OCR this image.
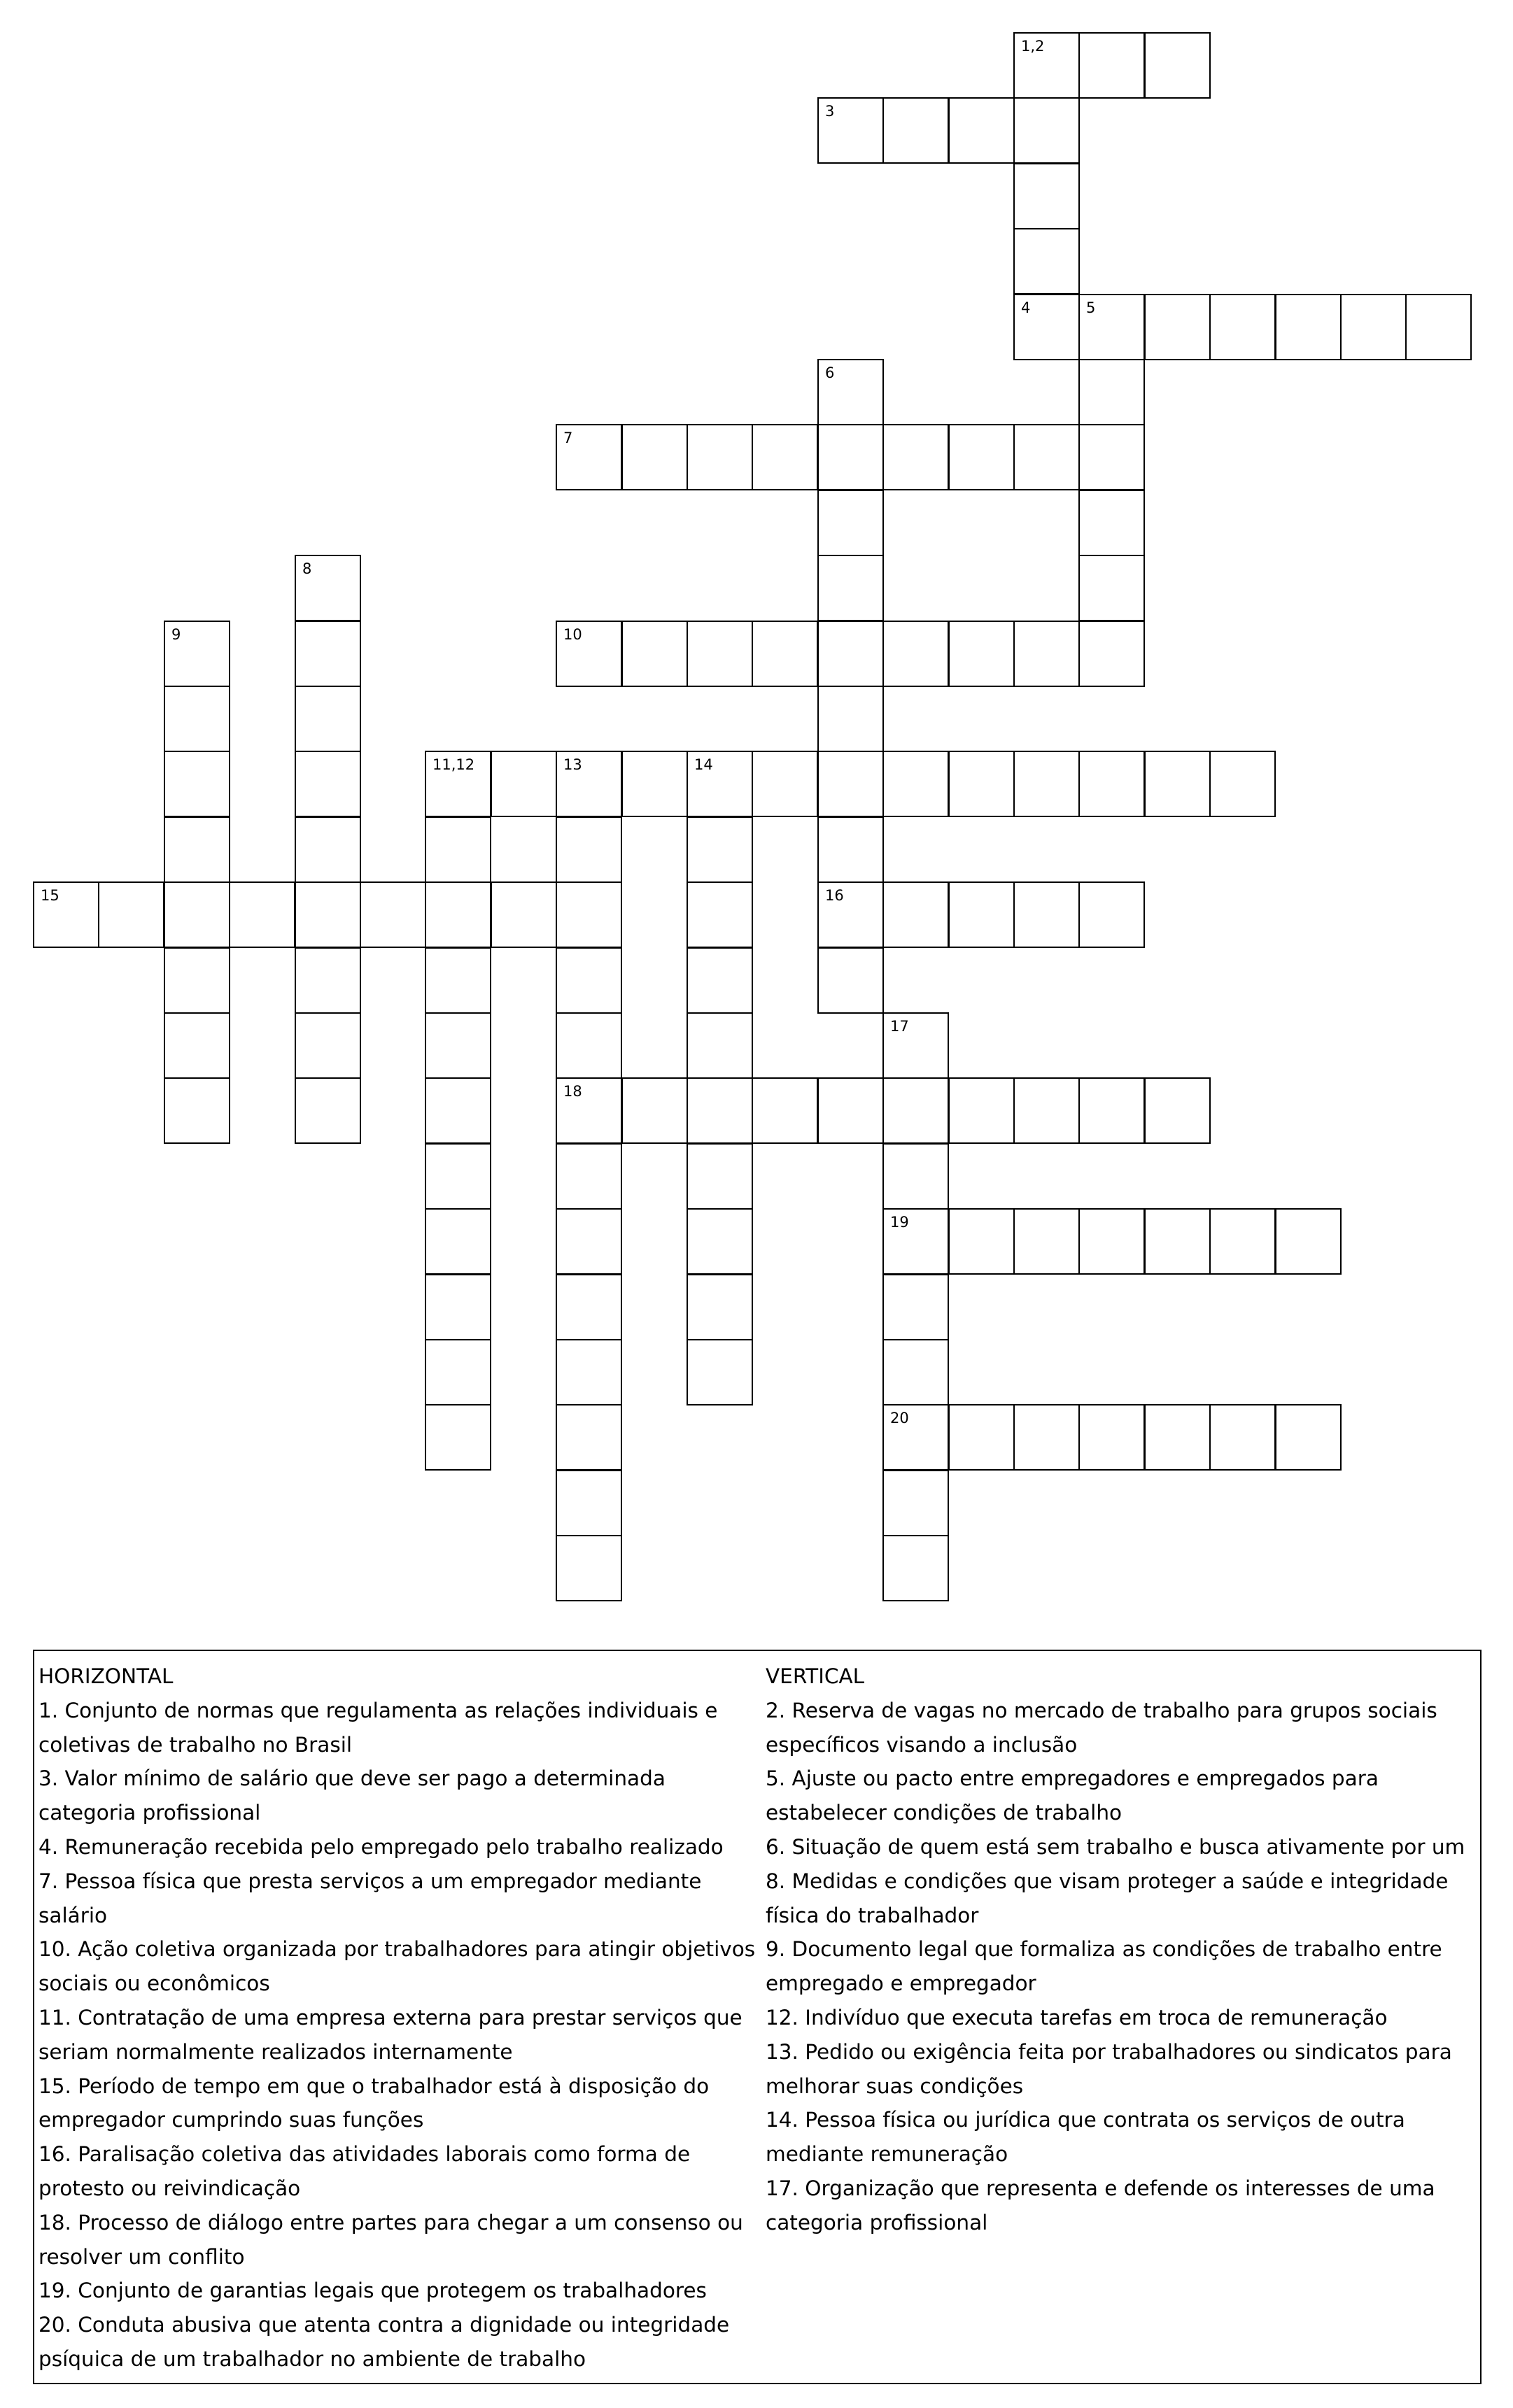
1,2
3
4	5
7
10
11,12	13	14
15	16
18
19
20
6
8
9
17

HORIZONTAL

1. Conjunto de normas que regulamenta as relações individuais e coletivas de trabalho no Brasil

3. Valor mínimo de salário que deve ser pago a determinada categoria profissional

4. Remuneração recebida pelo empregado pelo trabalho realizado

7. Pessoa física que presta serviços a um empregador mediante salário

10. Ação coletiva organizada por trabalhadores para atingir objetivos sociais ou econômicos

11. Contratação de uma empresa externa para prestar serviços que seriam normalmente realizados internamente

15. Período de tempo em que o trabalhador está à disposição do empregador cumprindo suas funções

16. Paralisação coletiva das atividades laborais como forma de protesto ou reivindicação

18. Processo de diálogo entre partes para chegar a um consenso ou resolver um conflito

19. Conjunto de garantias legais que protegem os trabalhadores

20. Conduta abusiva que atenta contra a dignidade ou integridade psíquica de um trabalhador no ambiente de trabalho

VERTICAL

2. Reserva de vagas no mercado de trabalho para grupos sociais específicos visando a inclusão

5. Ajuste ou pacto entre empregadores e empregados para estabelecer condições de trabalho

6. Situação de quem está sem trabalho e busca ativamente por um

8. Medidas e condições que visam proteger a saúde e integridade física do trabalhador

9. Documento legal que formaliza as condições de trabalho entre empregado e empregador

12. Indivíduo que executa tarefas em troca de remuneração

13. Pedido ou exigência feita por trabalhadores ou sindicatos para melhorar suas condições

14. Pessoa física ou jurídica que contrata os serviços de outra mediante remuneração

17. Organização que representa e defende os interesses de uma categoria profissional
